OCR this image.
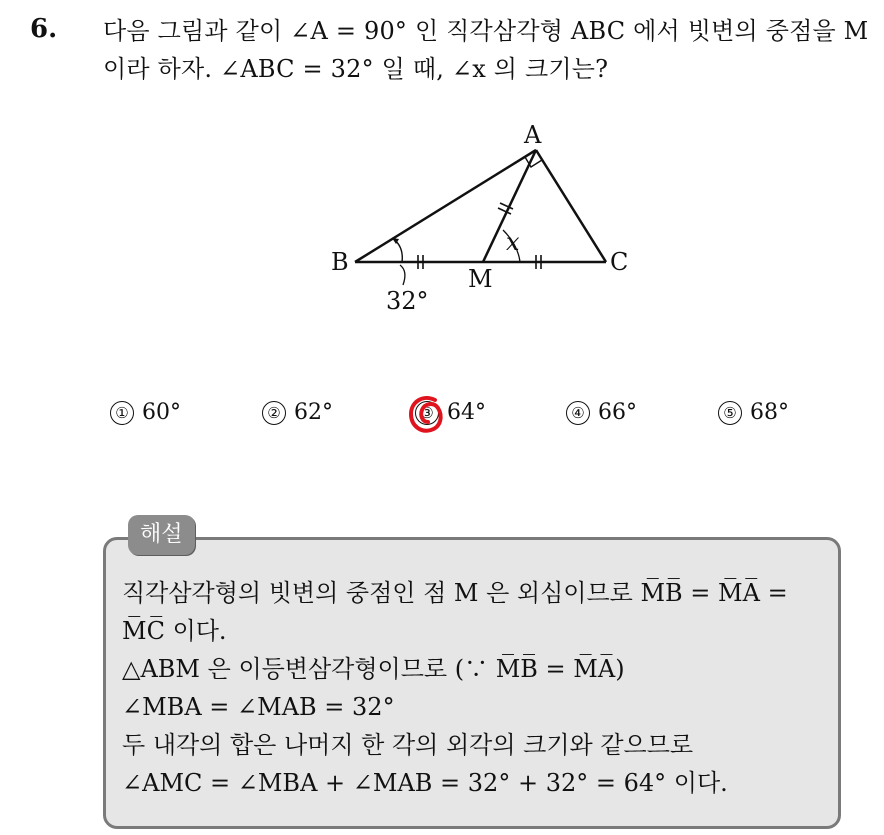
6. 다음 그림과 같이 ∠A = 90° 인 직각삼각형 ABC 에서 빗변의 중점을 M 이라 하자. ∠ABC = 32° 일 때, ∠x 의 크기는?
A
B	C
M
x
32°
① 60°	② 62°	③ 64°	④ 66°	⑤ 68°
해설
직각삼각형의 빗변의 중점인 점 M 은 외심이므로 M̅B̅ = M̅A̅ =
M̅C̅ 이다.
△ABM 은 이등변삼각형이므로 (∵ M̅B̅ = M̅A̅)
∠MBA = ∠MAB = 32°
두 내각의 합은 나머지 한 각의 외각의 크기와 같으므로
∠AMC = ∠MBA + ∠MAB = 32° + 32° = 64° 이다.
